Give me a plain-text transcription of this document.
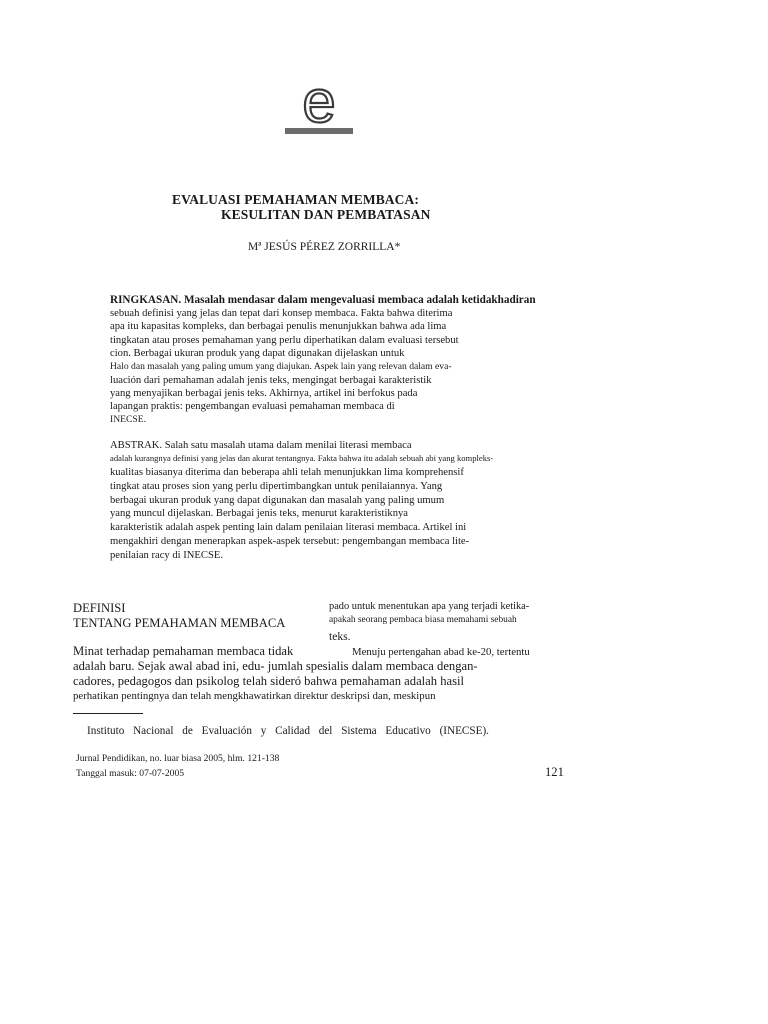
e
EVALUASI PEMAHAMAN MEMBACA:
KESULITAN DAN PEMBATASAN
Mª JESÚS PÉREZ ZORRILLA*
RINGKASAN. Masalah mendasar dalam mengevaluasi membaca adalah ketidakhadiran
sebuah definisi yang jelas dan tepat dari konsep membaca. Fakta bahwa diterima
apa itu kapasitas kompleks, dan berbagai penulis menunjukkan bahwa ada lima
tingkatan atau proses pemahaman yang perlu diperhatikan dalam evaluasi tersebut
cion. Berbagai ukuran produk yang dapat digunakan dijelaskan untuk
Halo dan masalah yang paling umum yang diajukan. Aspek lain yang relevan dalam eva-
luación dari pemahaman adalah jenis teks, mengingat berbagai karakteristik
yang menyajikan berbagai jenis teks. Akhirnya, artikel ini berfokus pada
lapangan praktis: pengembangan evaluasi pemahaman membaca di
INECSE.
ABSTRAK. Salah satu masalah utama dalam menilai literasi membaca
adalah kurangnya definisi yang jelas dan akurat tentangnya. Fakta bahwa itu adalah sebuah abi yang kompleks-
kualitas biasanya diterima dan beberapa ahli telah menunjukkan lima komprehensif
tingkat atau proses sion yang perlu dipertimbangkan untuk penilaiannya. Yang
berbagai ukuran produk yang dapat digunakan dan masalah yang paling umum
yang muncul dijelaskan. Berbagai jenis teks, menurut karakteristiknya
karakteristik adalah aspek penting lain dalam penilaian literasi membaca. Artikel ini
mengakhiri dengan menerapkan aspek-aspek tersebut: pengembangan membaca lite-
penilaian racy di INECSE.
DEFINISI
TENTANG PEMAHAMAN MEMBACA
pado untuk menentukan apa yang terjadi ketika-
apakah seorang pembaca biasa memahami sebuah
teks.
Minat terhadap pemahaman membaca tidak	Menuju pertengahan abad ke-20, tertentu
adalah baru. Sejak awal abad ini, edu- jumlah spesialis dalam membaca dengan-
cadores, pedagogos dan psikolog telah sideró bahwa pemahaman adalah hasil
perhatikan pentingnya dan telah mengkhawatirkan direktur deskripsi dan, meskipun
Instituto Nacional de Evaluación y Calidad del Sistema Educativo (INECSE).
Jurnal Pendidikan, no. luar biasa 2005, hlm. 121-138
Tanggal masuk: 07-07-2005	121
